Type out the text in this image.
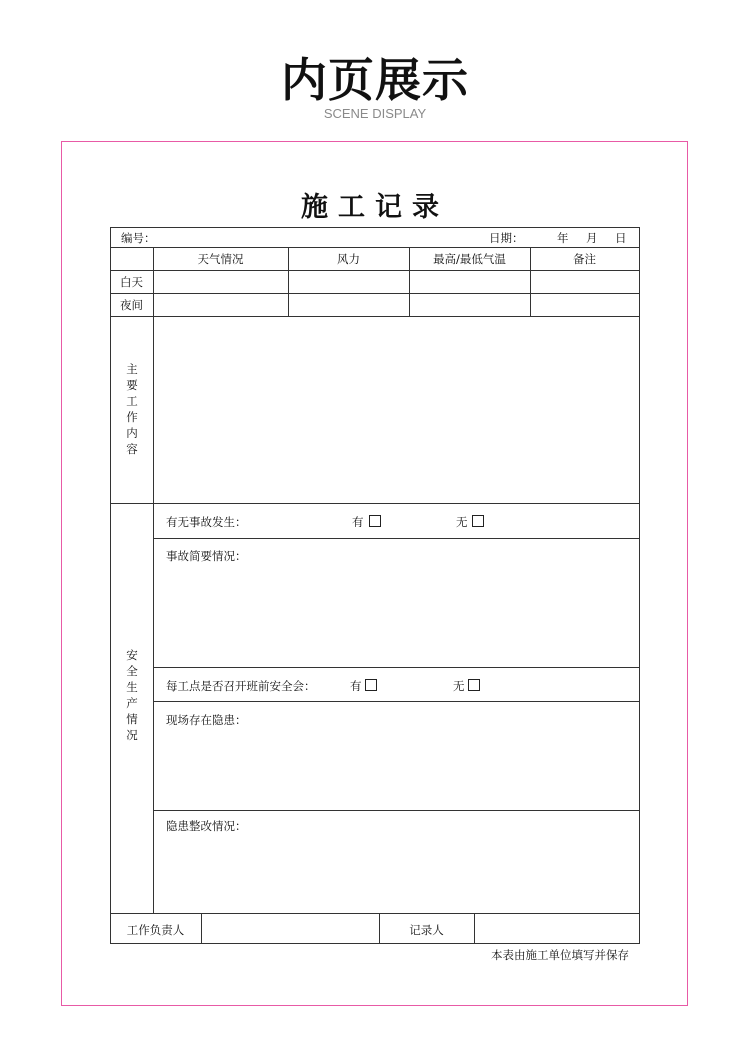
内页展示
SCENE DISPLAY
施工记录
编号：	日期：	年 月 日
天气情况	风力	最高/最低气温	备注
白天
夜间
主
要
工
作
内
容
安
全
生
产
情
况
有无事故发生：	有	无
事故简要情况：
每工点是否召开班前安全会：	有	无
现场存在隐患：
隐患整改情况：
工作负责人	记录人
本表由施工单位填写并保存
